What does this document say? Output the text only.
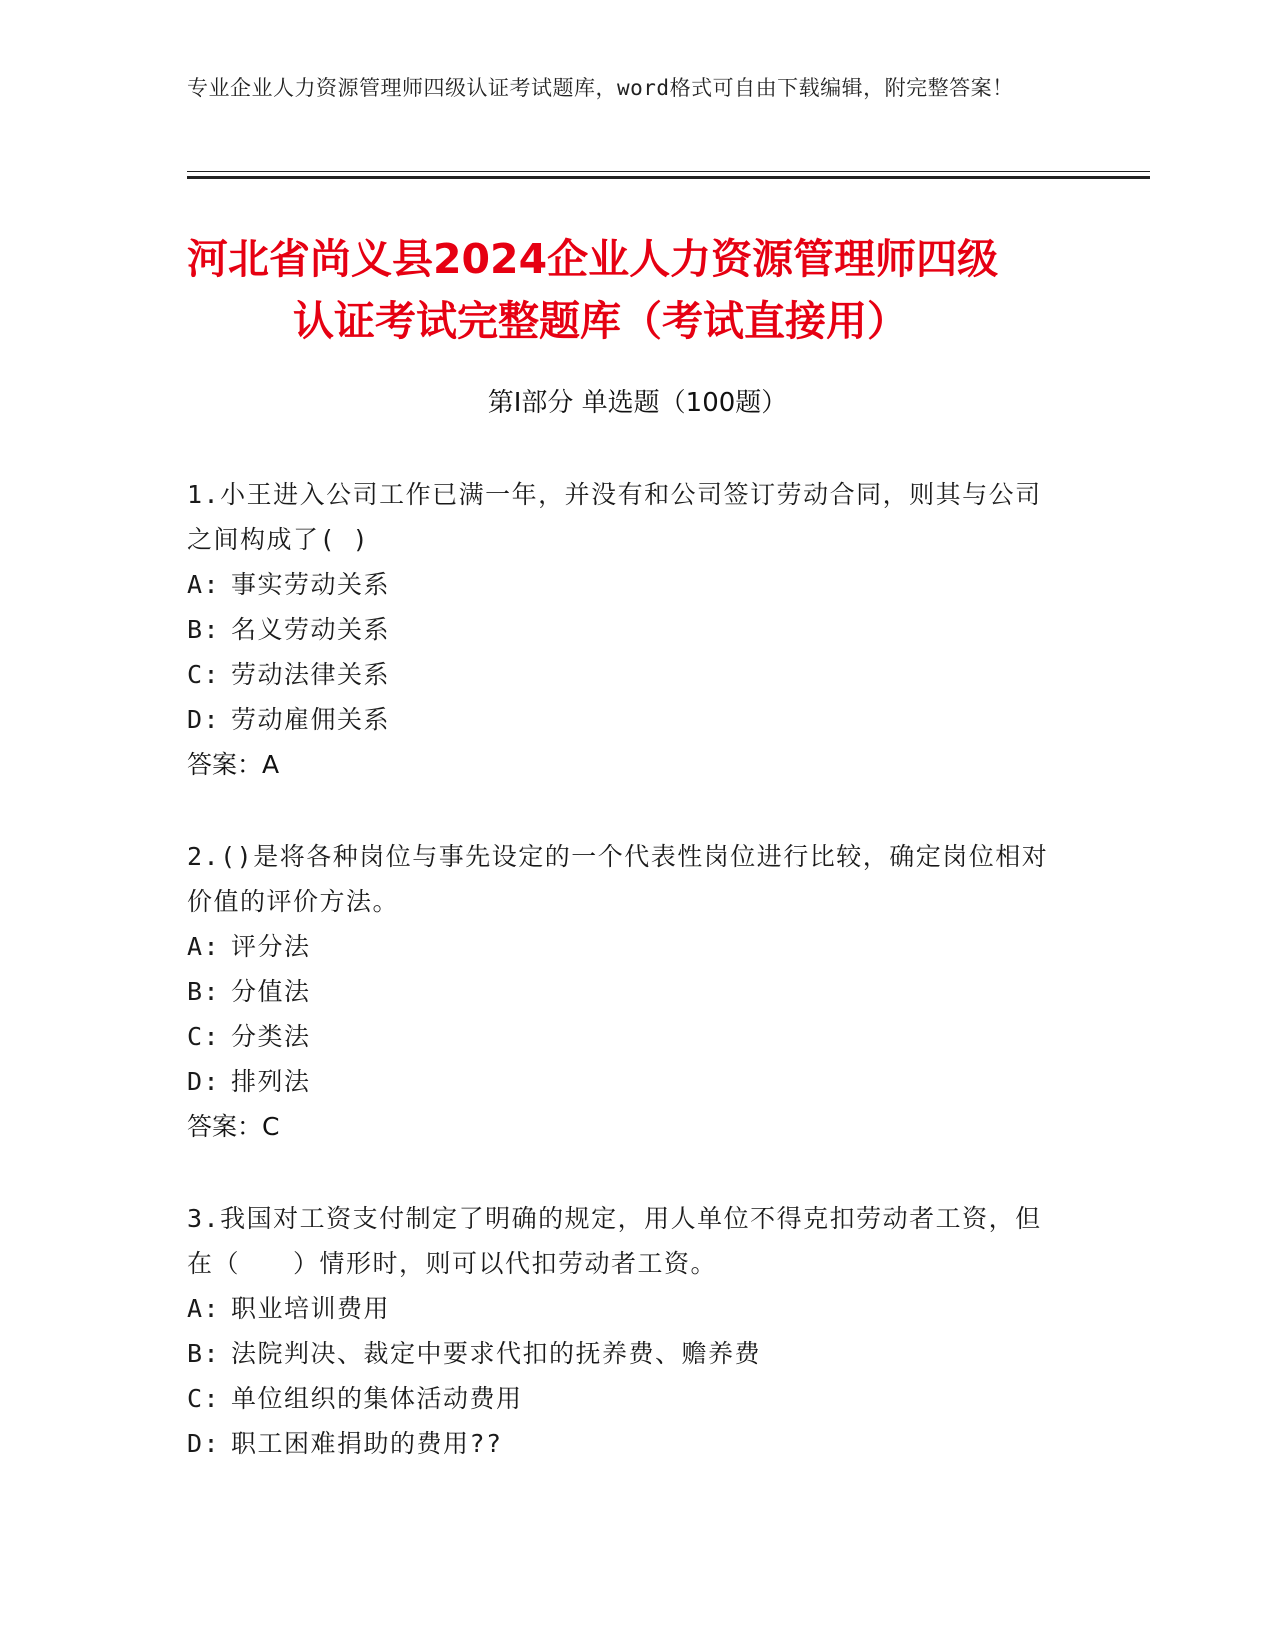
专业企业人力资源管理师四级认证考试题库，word格式可自由下载编辑，附完整答案！
河北省尚义县2024企业人力资源管理师四级
认证考试完整题库（考试直接用）
第I部分 单选题（100题）
1.小王进入公司工作已满一年，并没有和公司签订劳动合同，则其与公司之间构成了( )
A: 事实劳动关系
B: 名义劳动关系
C: 劳动法律关系
D: 劳动雇佣关系
答案：A
2.()是将各种岗位与事先设定的一个代表性岗位进行比较，确定岗位相对价值的评价方法。
A: 评分法
B: 分值法
C: 分类法
D: 排列法
答案：C
3.我国对工资支付制定了明确的规定，用人单位不得克扣劳动者工资，但在（　　）情形时，则可以代扣劳动者工资。
A: 职业培训费用
B: 法院判决、裁定中要求代扣的抚养费、赡养费
C: 单位组织的集体活动费用
D: 职工困难捐助的费用??
